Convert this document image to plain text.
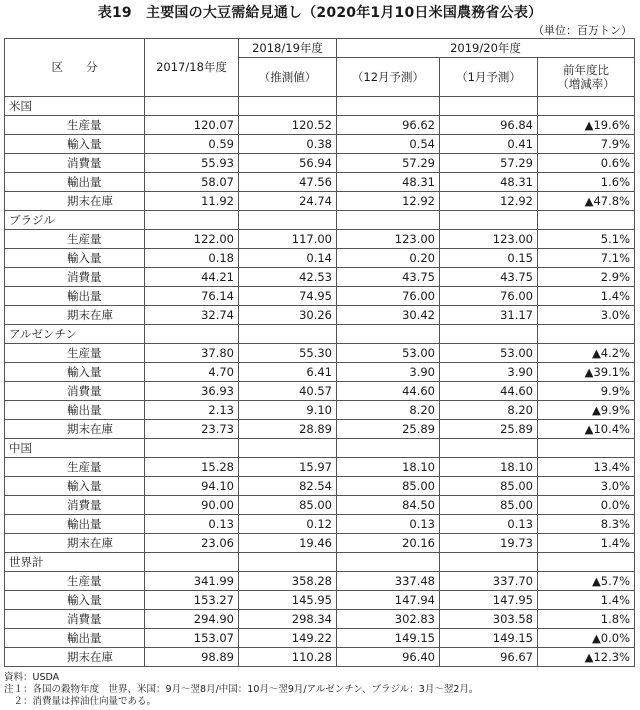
表19　主要国の大豆需給見通し（2020年1月10日米国農務省公表）
（単位：百万トン）
区　　分	2017/18年度	2018/19年度	2019/20年度		
		（推測値）	（12月予測）	（1月予測）	前年度比
（増減率）
米国					
生産量	120.07	120.52	96.62	96.84	▲19.6%
輸入量	0.59	0.38	0.54	0.41	7.9%
消費量	55.93	56.94	57.29	57.29	0.6%
輸出量	58.07	47.56	48.31	48.31	1.6%
期末在庫	11.92	24.74	12.92	12.92	▲47.8%
ブラジル					
生産量	122.00	117.00	123.00	123.00	5.1%
輸入量	0.18	0.14	0.20	0.15	7.1%
消費量	44.21	42.53	43.75	43.75	2.9%
輸出量	76.14	74.95	76.00	76.00	1.4%
期末在庫	32.74	30.26	30.42	31.17	3.0%
アルゼンチン					
生産量	37.80	55.30	53.00	53.00	▲4.2%
輸入量	4.70	6.41	3.90	3.90	▲39.1%
消費量	36.93	40.57	44.60	44.60	9.9%
輸出量	2.13	9.10	8.20	8.20	▲9.9%
期末在庫	23.73	28.89	25.89	25.89	▲10.4%
中国					
生産量	15.28	15.97	18.10	18.10	13.4%
輸入量	94.10	82.54	85.00	85.00	3.0%
消費量	90.00	85.00	84.50	85.00	0.0%
輸出量	0.13	0.12	0.13	0.13	8.3%
期末在庫	23.06	19.46	20.16	19.73	1.4%
世界計					
生産量	341.99	358.28	337.48	337.70	▲5.7%
輸入量	153.27	145.95	147.94	147.95	1.4%
消費量	294.90	298.34	302.83	303.58	1.8%
輸出量	153.07	149.22	149.15	149.15	▲0.0%
期末在庫	98.89	110.28	96.40	96.67	▲12.3%
資料：USDA
注１：各国の穀物年度　世界、米国：9月～翌8月/中国：10月～翌9月/アルゼンチン、ブラジル：3月～翌2月。
　２：消費量は搾油仕向量である。
